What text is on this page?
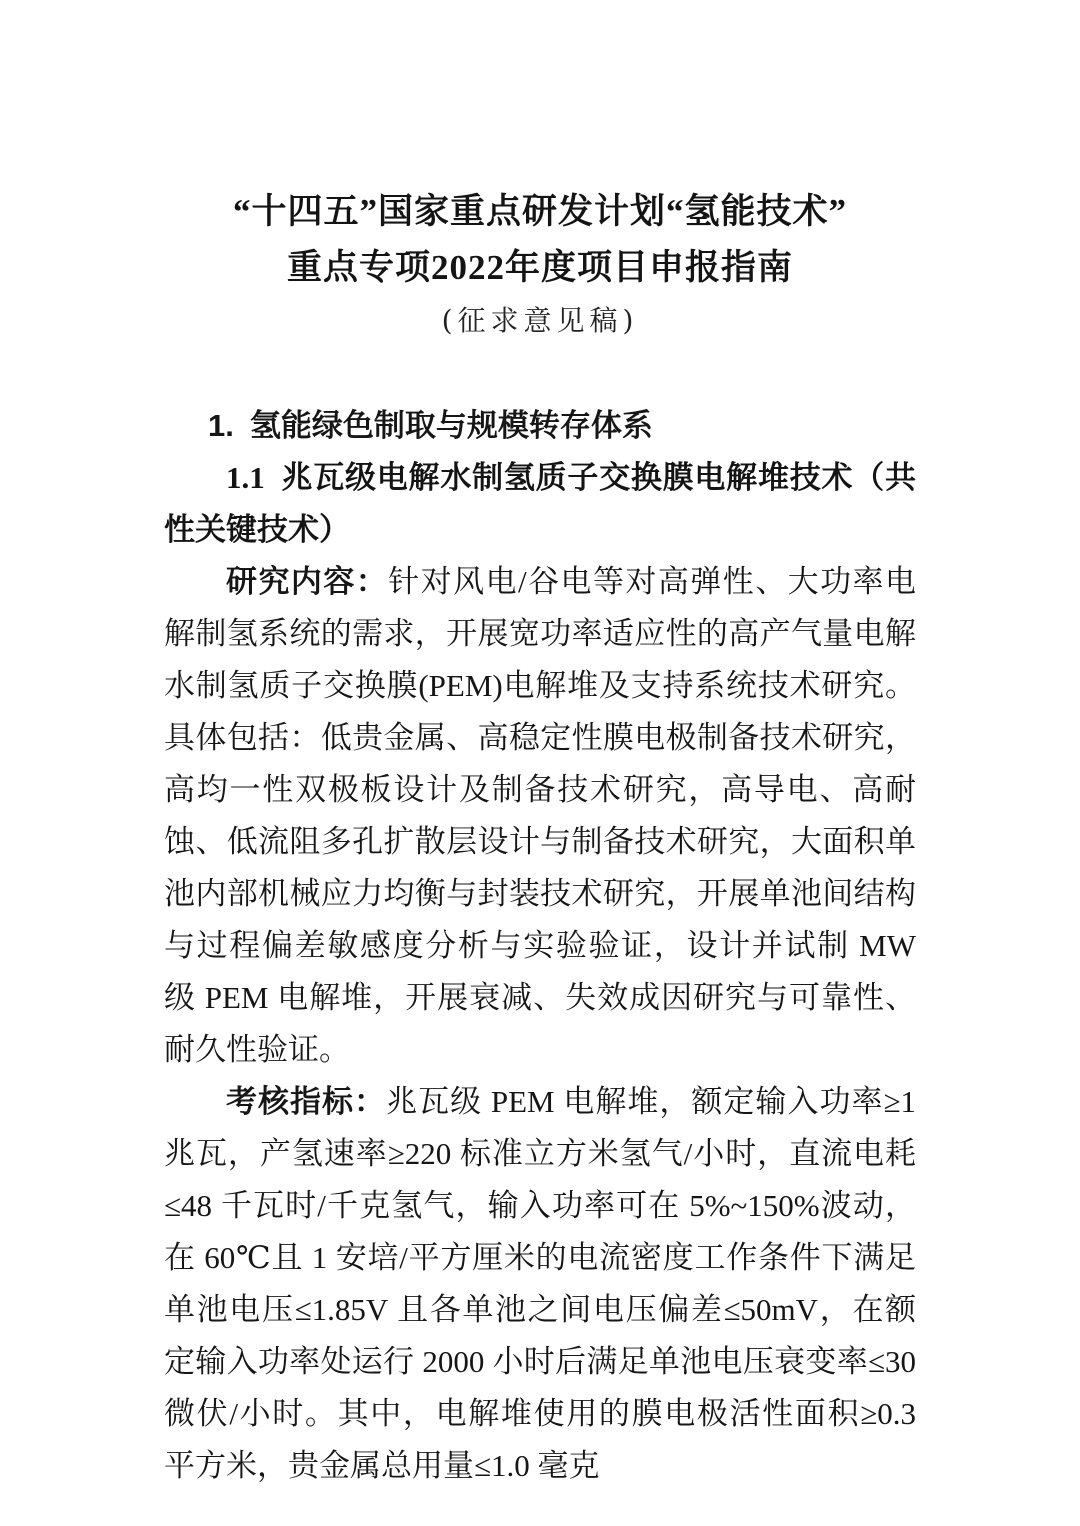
“十四五”国家重点研发计划“氢能技术”
重点专项2022年度项目申报指南
(征求意见稿)
1. 氢能绿色制取与规模转存体系
1.1 兆瓦级电解水制氢质子交换膜电解堆技术（共性关键技术）

研究内容：针对风电/谷电等对高弹性、大功率电解制氢系统的需求，开展宽功率适应性的高产气量电解水制氢质子交换膜(PEM)电解堆及支持系统技术研究。具体包括：低贵金属、高稳定性膜电极制备技术研究，高均一性双极板设计及制备技术研究，高导电、高耐蚀、低流阻多孔扩散层设计与制备技术研究，大面积单池内部机械应力均衡与封装技术研究，开展单池间结构与过程偏差敏感度分析与实验验证，设计并试制 MW 级 PEM 电解堆，开展衰减、失效成因研究与可靠性、耐久性验证。

考核指标：兆瓦级 PEM 电解堆，额定输入功率≥1 兆瓦，产氢速率≥220 标准立方米氢气/小时，直流电耗≤48 千瓦时/千克氢气，输入功率可在 5%~150%波动，在 60℃且 1 安培/平方厘米的电流密度工作条件下满足单池电压≤1.85V 且各单池之间电压偏差≤50mV，在额定输入功率处运行 2000 小时后满足单池电压衰变率≤30 微伏/小时。其中，电解堆使用的膜电极活性面积≥0.3 平方米，贵金属总用量≤1.0 毫克
